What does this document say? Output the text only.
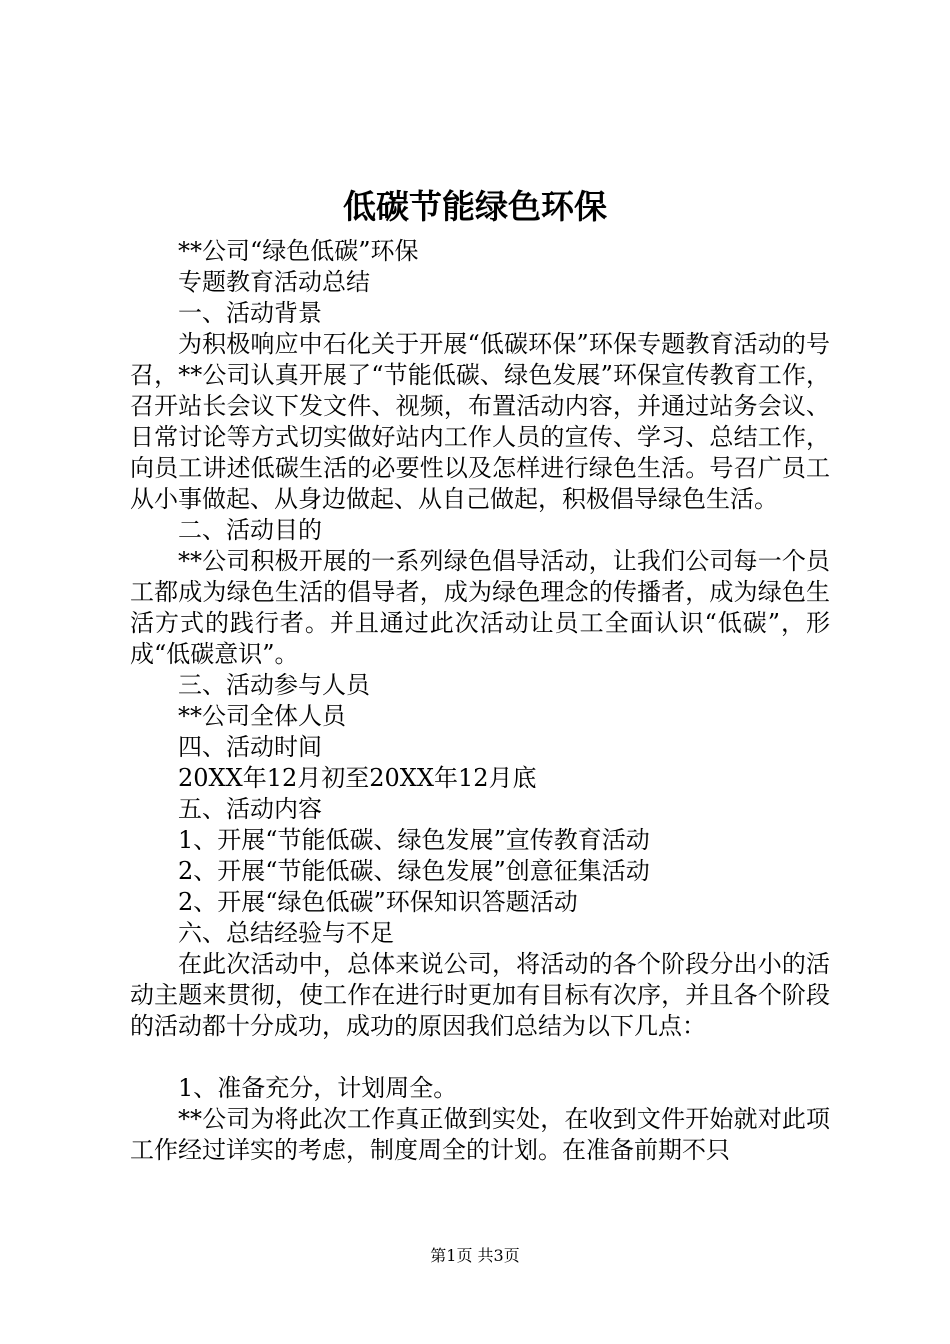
低碳节能绿色环保

**公司“绿色低碳”环保

专题教育活动总结

一、活动背景

为积极响应中石化关于开展“低碳环保”环保专题教育活动的号召，**公司认真开展了“节能低碳、绿色发展”环保宣传教育工作，召开站长会议下发文件、视频，布置活动内容，并通过站务会议、日常讨论等方式切实做好站内工作人员的宣传、学习、总结工作，向员工讲述低碳生活的必要性以及怎样进行绿色生活。号召广员工从小事做起、从身边做起、从自己做起，积极倡导绿色生活。

二、活动目的

**公司积极开展的一系列绿色倡导活动，让我们公司每一个员工都成为绿色生活的倡导者，成为绿色理念的传播者，成为绿色生活方式的践行者。并且通过此次活动让员工全面认识“低碳”，形成“低碳意识”。

三、活动参与人员

**公司全体人员

四、活动时间

20XX年12月初至20XX年12月底

五、活动内容

1、开展“节能低碳、绿色发展”宣传教育活动

2、开展“节能低碳、绿色发展”创意征集活动

2、开展“绿色低碳”环保知识答题活动

六、总结经验与不足

在此次活动中，总体来说公司，将活动的各个阶段分出小的活动主题来贯彻，使工作在进行时更加有目标有次序，并且各个阶段的活动都十分成功，成功的原因我们总结为以下几点：

1、准备充分，计划周全。

**公司为将此次工作真正做到实处，在收到文件开始就对此项工作经过详实的考虑，制度周全的计划。在准备前期不只

第1页 共3页
